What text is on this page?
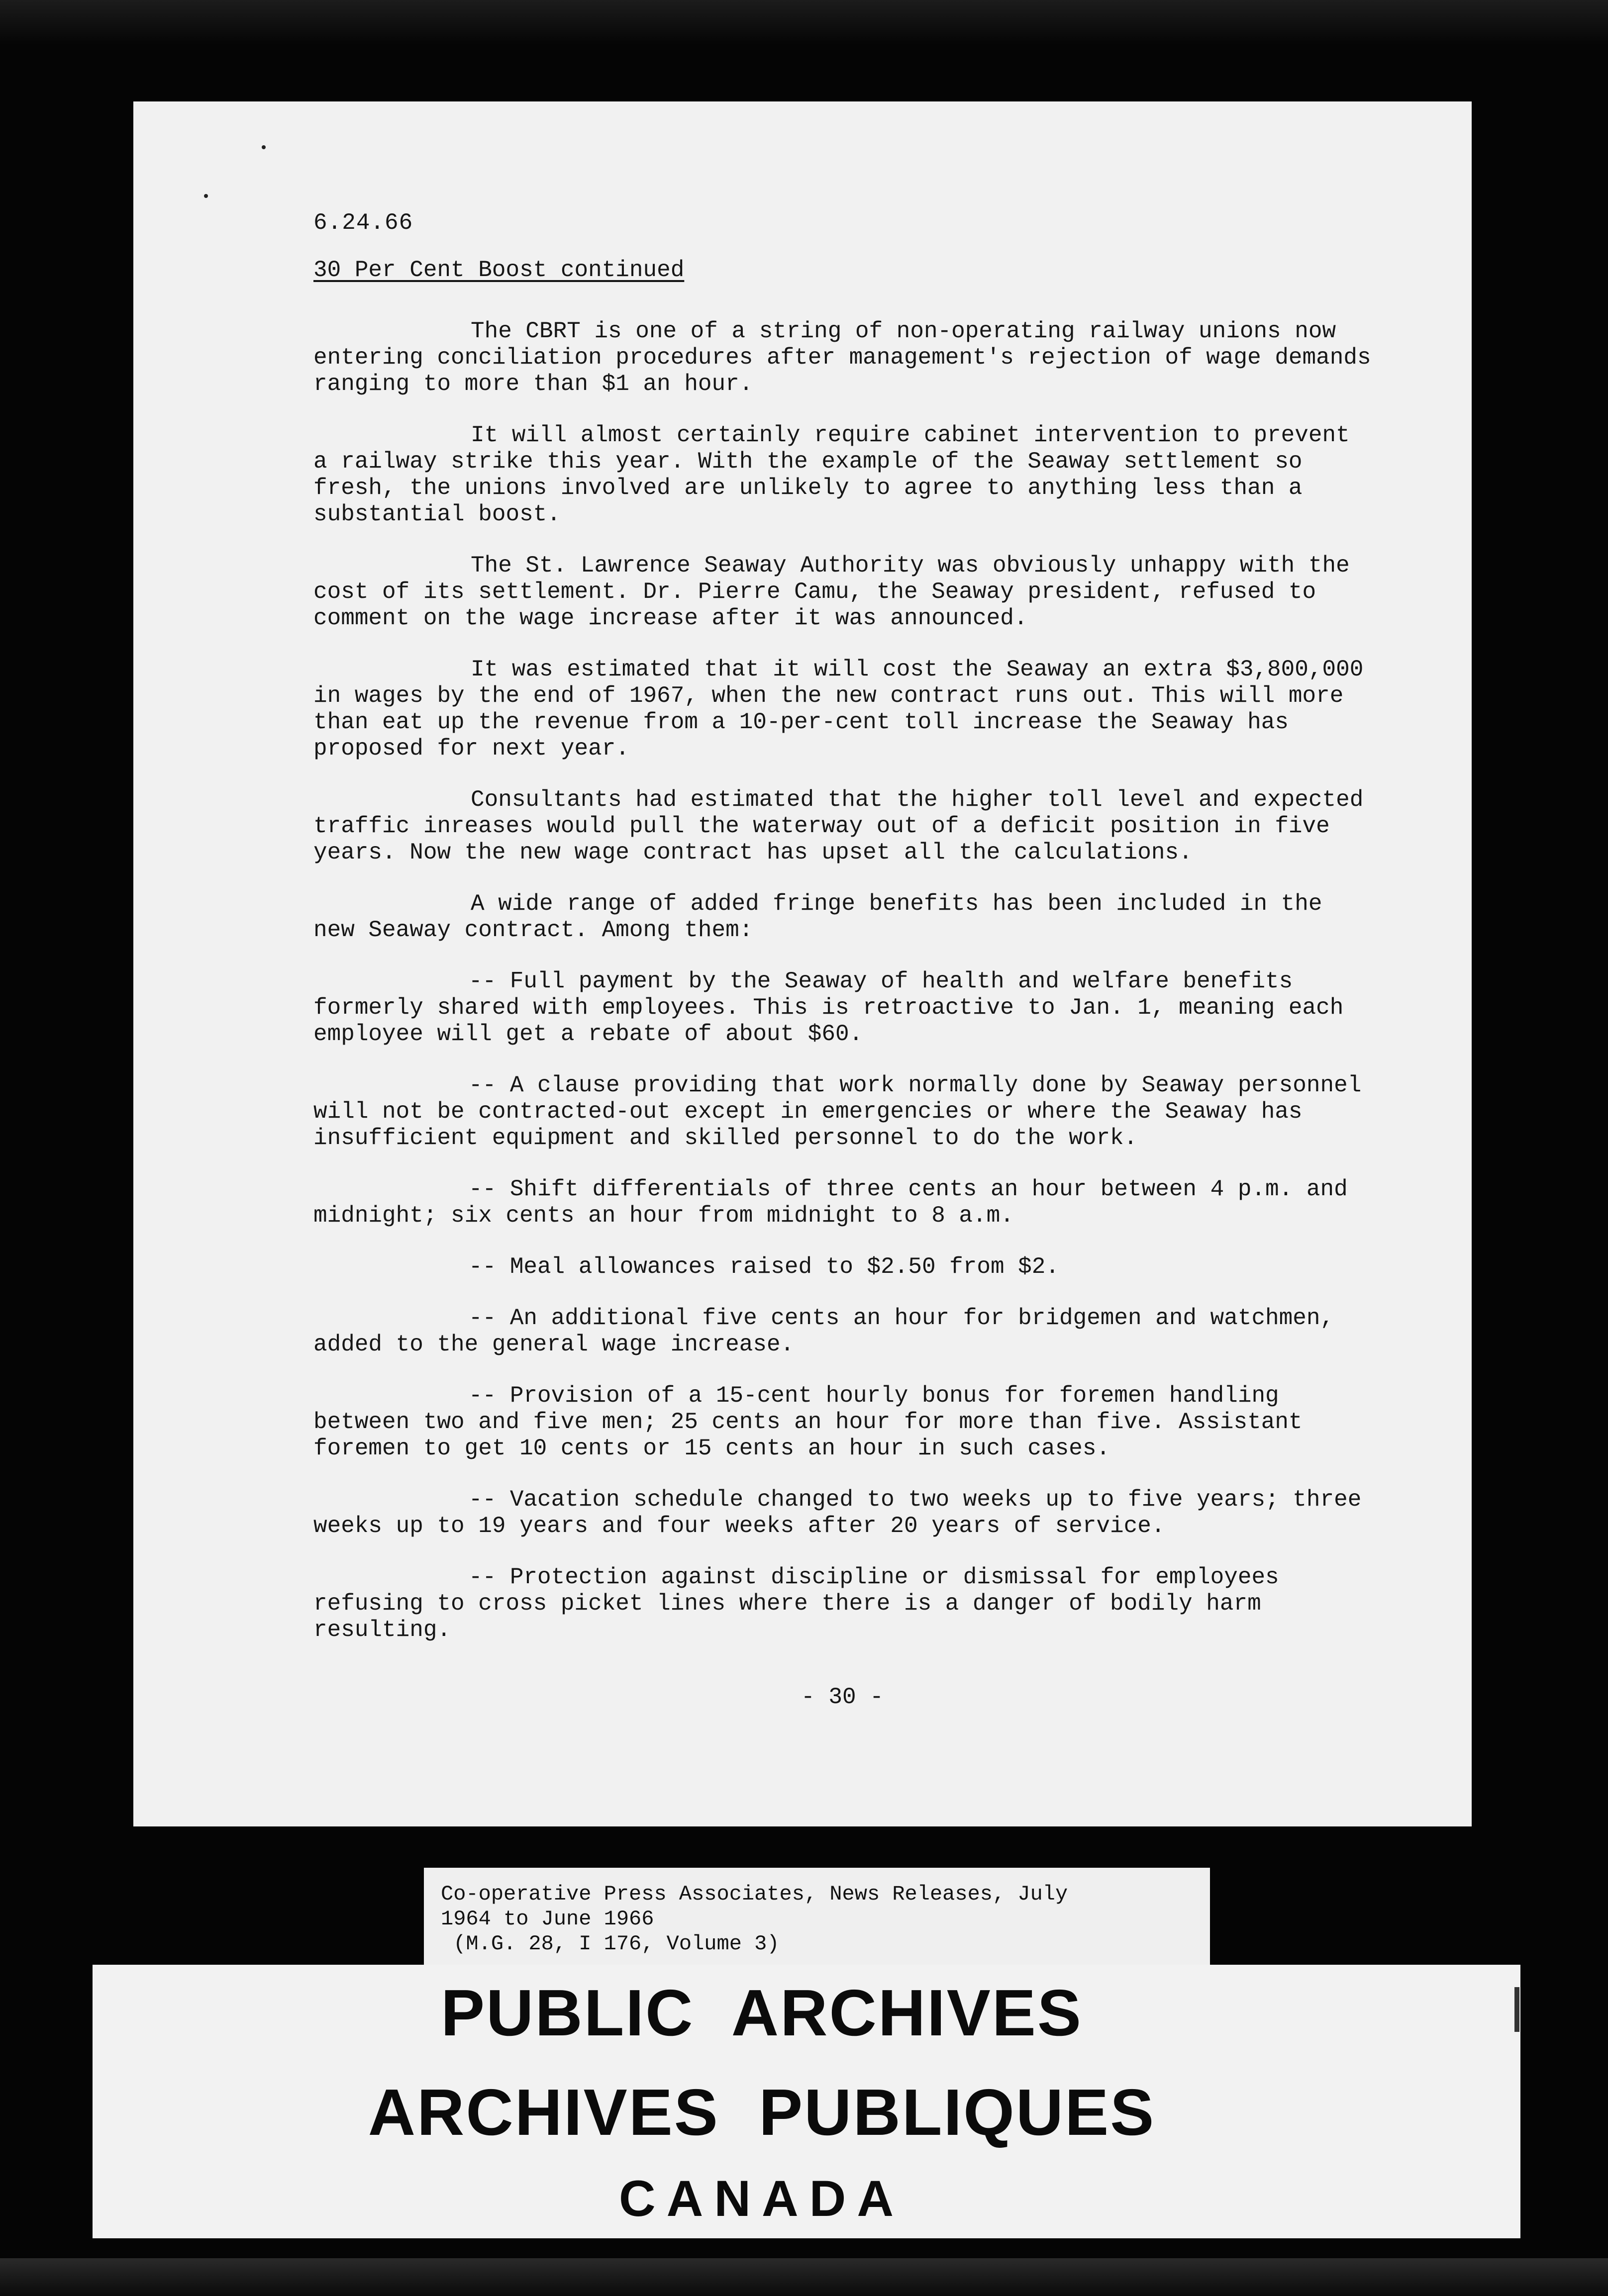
6.24.66
30 Per Cent Boost continued

The CBRT is one of a string of non-operating railway unions now entering conciliation procedures after management's rejection of wage demands ranging to more than $1 an hour.

It will almost certainly require cabinet intervention to prevent a railway strike this year. With the example of the Seaway settlement so fresh, the unions involved are unlikely to agree to anything less than a substantial boost.

The St. Lawrence Seaway Authority was obviously unhappy with the cost of its settlement. Dr. Pierre Camu, the Seaway president, refused to comment on the wage increase after it was announced.

It was estimated that it will cost the Seaway an extra $3,800,000 in wages by the end of 1967, when the new contract runs out. This will more than eat up the revenue from a 10-per-cent toll increase the Seaway has proposed for next year.

Consultants had estimated that the higher toll level and expected traffic inreases would pull the waterway out of a deficit position in five years. Now the new wage contract has upset all the calculations.

A wide range of added fringe benefits has been included in the new Seaway contract. Among them:

-- Full payment by the Seaway of health and welfare benefits formerly shared with employees. This is retroactive to Jan. 1, meaning each employee will get a rebate of about $60.

-- A clause providing that work normally done by Seaway personnel will not be contracted-out except in emergencies or where the Seaway has insufficient equipment and skilled personnel to do the work.

-- Shift differentials of three cents an hour between 4 p.m. and midnight; six cents an hour from midnight to 8 a.m.

-- Meal allowances raised to $2.50 from $2.

-- An additional five cents an hour for bridgemen and watchmen, added to the general wage increase.

-- Provision of a 15-cent hourly bonus for foremen handling between two and five men; 25 cents an hour for more than five. Assistant foremen to get 10 cents or 15 cents an hour in such cases.

-- Vacation schedule changed to two weeks up to five years; three weeks up to 19 years and four weeks after 20 years of service.

-- Protection against discipline or dismissal for employees refusing to cross picket lines where there is a danger of bodily harm resulting.

- 30 -
Co-operative Press Associates, News Releases, July
1964 to June 1966
(M.G. 28, I 176, Volume 3)
PUBLIC  ARCHIVES
ARCHIVES  PUBLIQUES
CANADA
